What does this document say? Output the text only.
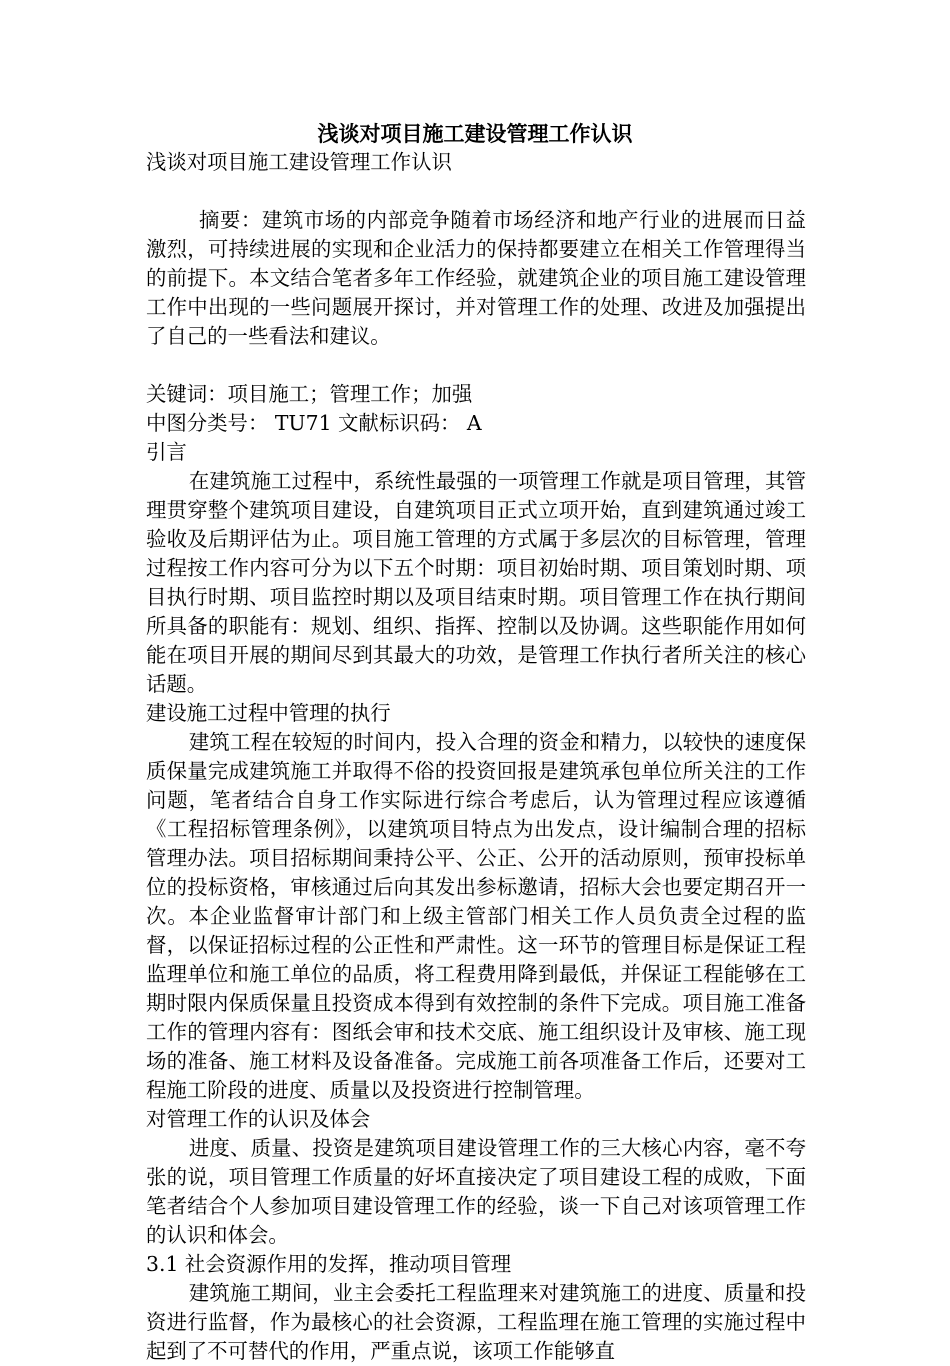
浅谈对项目施工建设管理工作认识

浅谈对项目施工建设管理工作认识

摘要：建筑市场的内部竞争随着市场经济和地产行业的进展而日益激烈，可持续进展的实现和企业活力的保持都要建立在相关工作管理得当的前提下。本文结合笔者多年工作经验，就建筑企业的项目施工建设管理工作中出现的一些问题展开探讨，并对管理工作的处理、改进及加强提出了自己的一些看法和建议。

关键词：项目施工；管理工作；加强

中图分类号： TU71 文献标识码： A

引言

在建筑施工过程中，系统性最强的一项管理工作就是项目管理，其管理贯穿整个建筑项目建设，自建筑项目正式立项开始，直到建筑通过竣工验收及后期评估为止。项目施工管理的方式属于多层次的目标管理，管理过程按工作内容可分为以下五个时期：项目初始时期、项目策划时期、项目执行时期、项目监控时期以及项目结束时期。项目管理工作在执行期间所具备的职能有：规划、组织、指挥、控制以及协调。这些职能作用如何能在项目开展的期间尽到其最大的功效，是管理工作执行者所关注的核心话题。

建设施工过程中管理的执行

建筑工程在较短的时间内，投入合理的资金和精力，以较快的速度保质保量完成建筑施工并取得不俗的投资回报是建筑承包单位所关注的工作问题，笔者结合自身工作实际进行综合考虑后，认为管理过程应该遵循《工程招标管理条例》，以建筑项目特点为出发点，设计编制合理的招标管理办法。项目招标期间秉持公平、公正、公开的活动原则，预审投标单位的投标资格，审核通过后向其发出参标邀请，招标大会也要定期召开一次。本企业监督审计部门和上级主管部门相关工作人员负责全过程的监督，以保证招标过程的公正性和严肃性。这一环节的管理目标是保证工程监理单位和施工单位的品质，将工程费用降到最低，并保证工程能够在工期时限内保质保量且投资成本得到有效控制的条件下完成。项目施工准备工作的管理内容有：图纸会审和技术交底、施工组织设计及审核、施工现场的准备、施工材料及设备准备。完成施工前各项准备工作后，还要对工程施工阶段的进度、质量以及投资进行控制管理。

对管理工作的认识及体会

进度、质量、投资是建筑项目建设管理工作的三大核心内容，毫不夸张的说，项目管理工作质量的好坏直接决定了项目建设工程的成败，下面笔者结合个人参加项目建设管理工作的经验，谈一下自己对该项管理工作的认识和体会。

3.1 社会资源作用的发挥，推动项目管理

建筑施工期间，业主会委托工程监理来对建筑施工的进度、质量和投资进行监督，作为最核心的社会资源，工程监理在施工管理的实施过程中起到了不可替代的作用，严重点说，该项工作能够直
